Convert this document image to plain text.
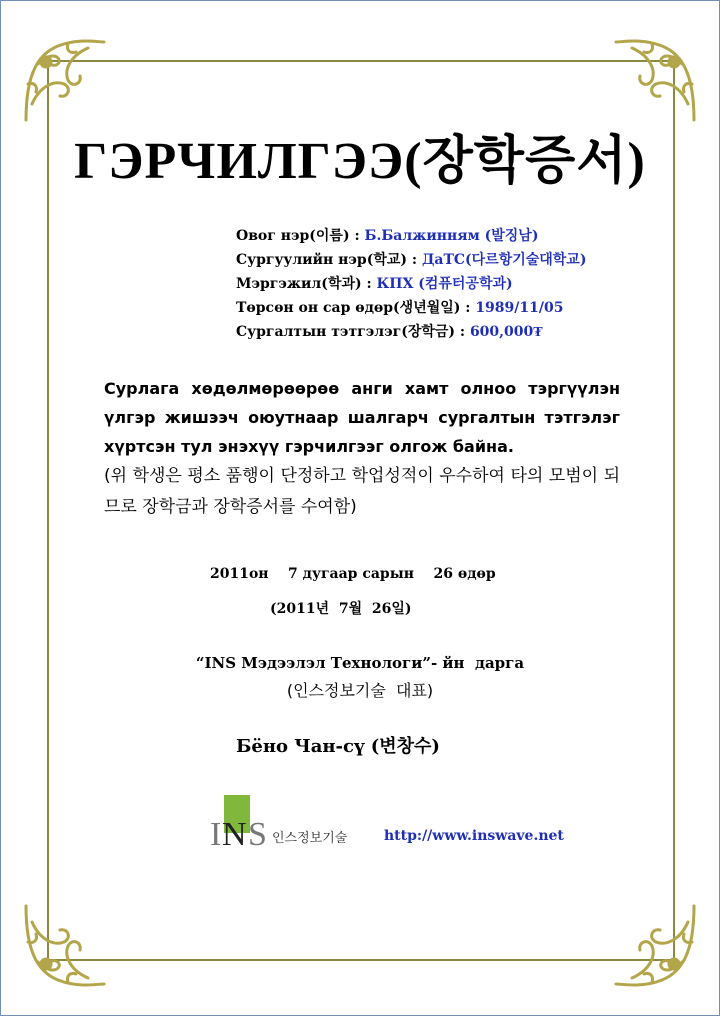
ГЭРЧИЛГЭЭ(장학증서)
Овог нэр(이름) : Б.Балжинням (발징남)
Сургуулийн нэр(학교) : ДаТС(다르항기술대학교)
Мэргэжил(학과) : КПХ (컴퓨터공학과)
Төрсөн он сар өдөр(생년월일) : 1989/11/05
Сургалтын тэтгэлэг(장학금) : 600,000₮
Сурлага хөдөлмөрөөрөө анги хамт олноо тэргүүлэн үлгэр жишээч оюутнаар шалгарч сургалтын тэтгэлэг хүртсэн тул энэхүү гэрчилгээг олгож байна.
(위 학생은 평소 품행이 단정하고 학업성적이 우수하여 타의 모범이 되므로 장학금과 장학증서를 수여함)
2011он    7 дугаар сарын    26 өдөр
(2011년  7월  26일)
“INS Мэдээлэл Технологи”- йн  дарга
(인스정보기술  대표)
Бёно Чан-сү (변창수)
I N S 인스정보기술	http://www.inswave.net
